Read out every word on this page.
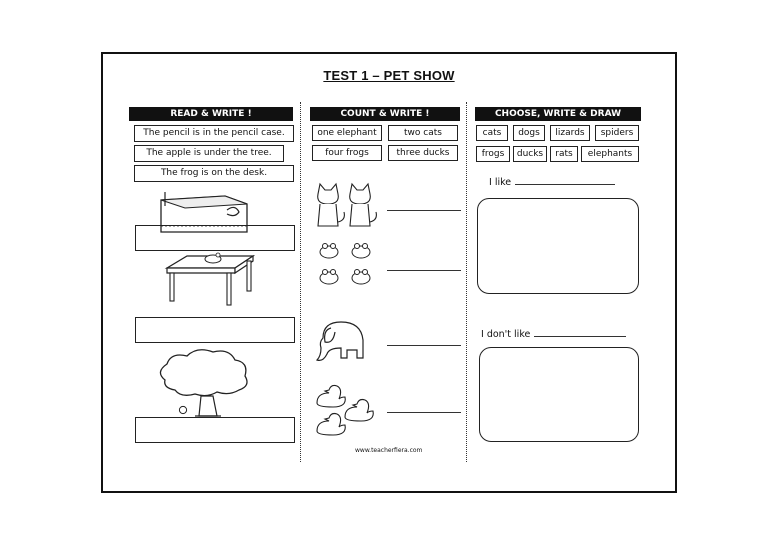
TEST 1 – PET SHOW
READ & WRITE !
The pencil is in the pencil case.
The apple is under the tree.
The frog is on the desk.
COUNT & WRITE !
one elephant	two cats
four frogs	three ducks
www.teacherfiera.com
CHOOSE, WRITE & DRAW
cats	dogs	lizards	spiders
frogs	ducks	rats	elephants
I like
I don't like
